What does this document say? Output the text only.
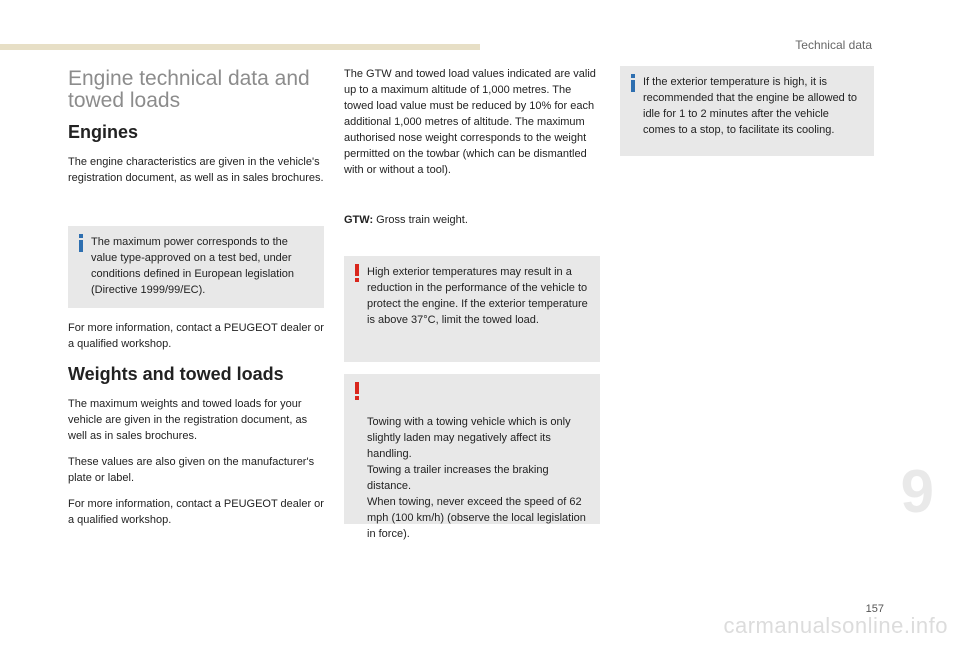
Technical data
Engine technical data and
towed loads
Engines

The engine characteristics are given in the vehicle's registration document, as well as in sales brochures.

The maximum power corresponds to the value type-approved on a test bed, under conditions defined in European legislation (Directive 1999/99/EC).

For more information, contact a PEUGEOT dealer or a qualified workshop.

Weights and towed loads

The maximum weights and towed loads for your vehicle are given in the registration document, as well as in sales brochures.

These values are also given on the manufacturer's plate or label.

For more information, contact a PEUGEOT dealer or a qualified workshop.

The GTW and towed load values indicated are valid up to a maximum altitude of 1,000 metres. The towed load value must be reduced by 10% for each additional 1,000 metres of altitude. The maximum authorised nose weight corresponds to the weight permitted on the towbar (which can be dismantled with or without a tool).

GTW: Gross train weight.

High exterior temperatures may result in a reduction in the performance of the vehicle to protect the engine. If the exterior temperature is above 37°C, limit the towed load.

Towing with a towing vehicle which is only slightly laden may negatively affect its handling.
Towing a trailer increases the braking distance.
When towing, never exceed the speed of 62 mph (100 km/h) (observe the local legislation in force).

If the exterior temperature is high, it is recommended that the engine be allowed to idle for 1 to 2 minutes after the vehicle comes to a stop, to facilitate its cooling.
9
157
carmanualsonline.info
